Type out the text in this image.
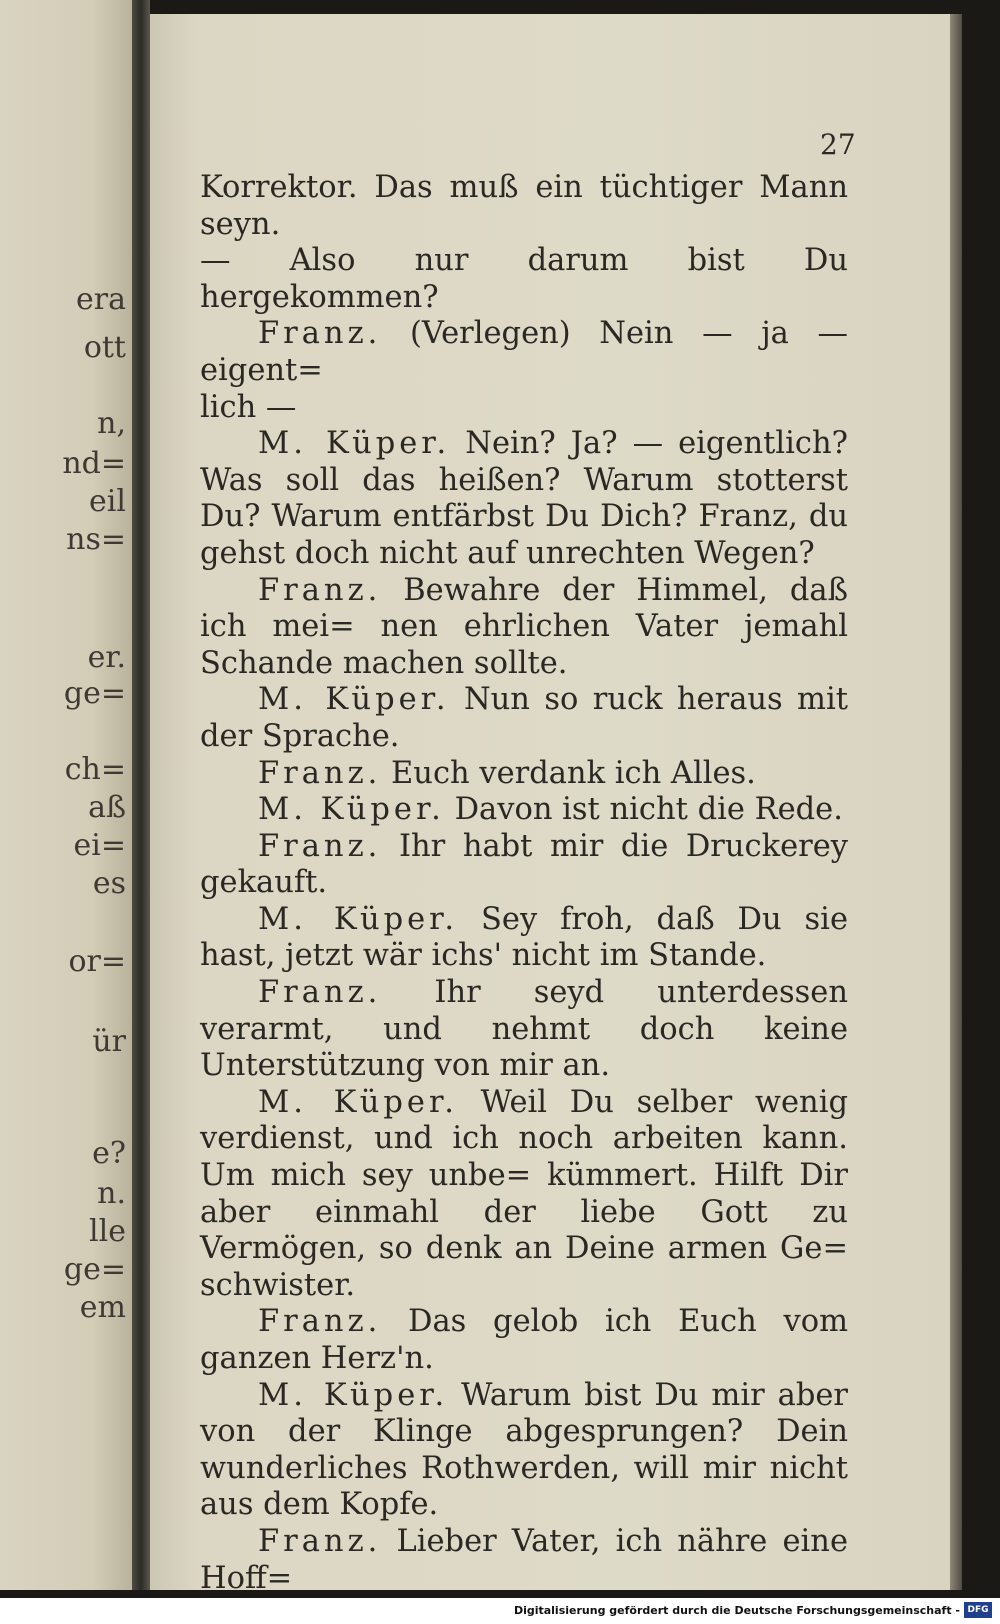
era
ott
n,
nd=
eil
ns=
er.
ge=
ch=
aß
ei=
es
or=
ür
e?
n.
lle
ge=
em
27

Korrektor. Das muß ein tüchtiger Mann seyn.

— Also nur darum bist Du hergekommen?

Franz. (Verlegen) Nein — ja — eigent=

lich —

M. Küper. Nein? Ja? — eigentlich? Was soll das heißen? Warum stotterst Du? Warum entfärbst Du Dich? Franz, du gehst doch nicht auf unrechten Wegen?

Franz. Bewahre der Himmel, daß ich mei= nen ehrlichen Vater jemahl Schande machen sollte.

M. Küper. Nun so ruck heraus mit der Sprache.

Franz. Euch verdank ich Alles.

M. Küper. Davon ist nicht die Rede.

Franz. Ihr habt mir die Druckerey gekauft.

M. Küper. Sey froh, daß Du sie hast, jetzt wär ichs' nicht im Stande.

Franz. Ihr seyd unterdessen verarmt, und nehmt doch keine Unterstützung von mir an.

M. Küper. Weil Du selber wenig verdienst, und ich noch arbeiten kann. Um mich sey unbe= kümmert. Hilft Dir aber einmahl der liebe Gott zu Vermögen, so denk an Deine armen Ge= schwister.

Franz. Das gelob ich Euch vom ganzen Herz'n.

M. Küper. Warum bist Du mir aber von der Klinge abgesprungen? Dein wunderliches Rothwerden, will mir nicht aus dem Kopfe.

Franz. Lieber Vater, ich nähre eine Hoff=

Digitalisierung gefördert durch die Deutsche Forschungsgemeinschaft - DFG
